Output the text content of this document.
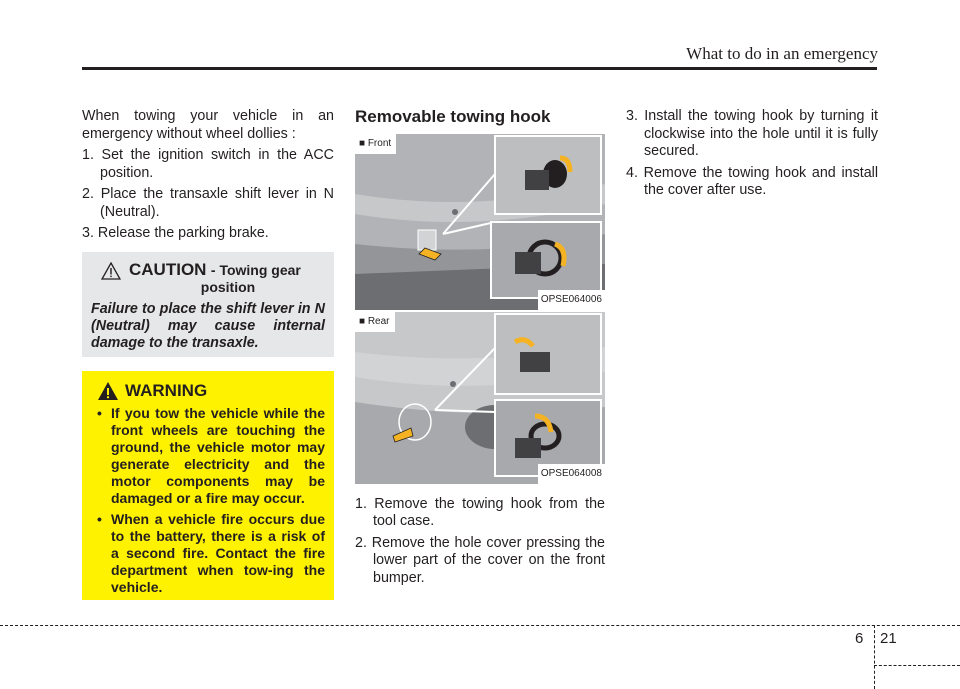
What to do in an emergency

When towing your vehicle in an emergency without wheel dollies :

1. Set the ignition switch in the ACC position.

2. Place the transaxle shift lever in N (Neutral).

3. Release the parking brake.

CAUTION - Towing gear
position

Failure to place the shift lever in N (Neutral) may cause internal damage to the transaxle.

WARNING

• If you tow the vehicle while the front wheels are touching the ground, the vehicle motor may generate electricity and the motor components may be damaged or a fire may occur.

• When a vehicle fire occurs due to the battery, there is a risk of a second fire. Contact the fire department when tow-ing the vehicle.

Removable towing hook
■ Front
OPSE064006
■ Rear
OPSE064008

1. Remove the towing hook from the tool case.

2. Remove the hole cover pressing the lower part of the cover on the front bumper.

3. Install the towing hook by turning it clockwise into the hole until it is fully secured.

4. Remove the towing hook and install the cover after use.

6 21
